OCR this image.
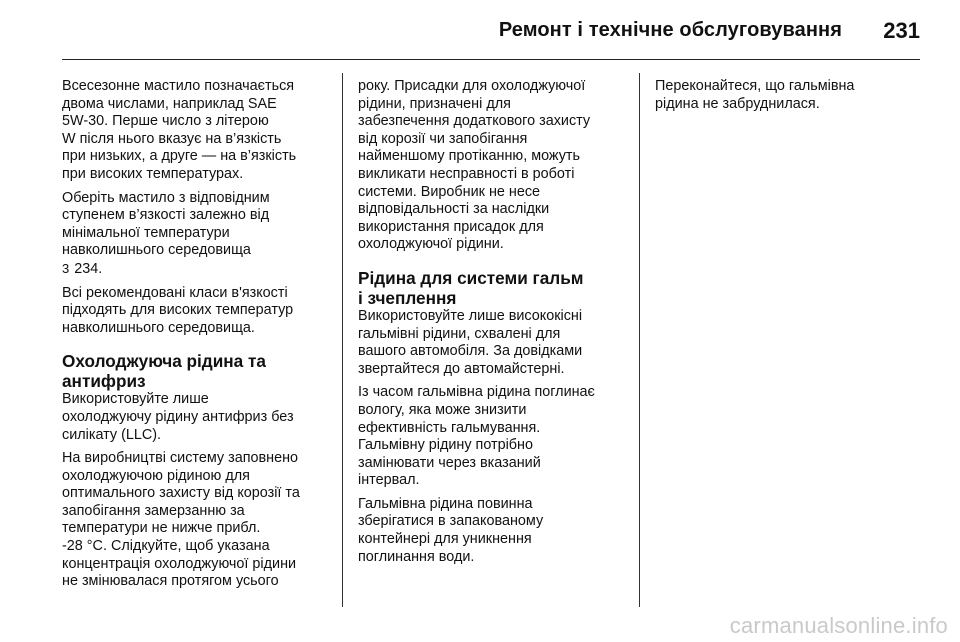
Ремонт і технічне обслуговування 231

Всесезонне мастило позначається
двома числами, наприклад SAE
5W-30. Перше число з літерою
W після нього вказує на в’язкість
при низьких, а друге — на в’язкість
при високих температурах.

Оберіть мастило з відповідним
ступенем в’язкості залежно від
мінімальної температури
навколишнього середовища
3 234.

Всі рекомендовані класи в'язкості
підходять для високих температур
навколишнього середовища.

Охолоджуюча рідина та
антифриз

Використовуйте лише
охолоджуючу рідину антифриз без
силікату (LLC).

На виробництві систему заповнено
охолоджуючою рідиною для
оптимального захисту від корозії та
запобігання замерзанню за
температури не нижче прибл.
-28 °C. Слідкуйте, щоб указана
концентрація охолоджуючої рідини
не змінювалася протягом усього

року. Присадки для охолоджуючої
рідини, призначені для
забезпечення додаткового захисту
від корозії чи запобігання
найменшому протіканню, можуть
викликати несправності в роботі
системи. Виробник не несе
відповідальності за наслідки
використання присадок для
охолоджуючої рідини.

Рідина для системи гальм
і зчеплення

Використовуйте лише висококісні
гальмівні рідини, схвалені для
вашого автомобіля. За довідками
звертайтеся до автомайстерні.

Із часом гальмівна рідина поглинає
вологу, яка може знизити
ефективність гальмування.
Гальмівну рідину потрібно
замінювати через вказаний
інтервал.

Гальмівна рідина повинна
зберігатися в запакованому
контейнері для уникнення
поглинання води.

Переконайтеся, що гальмівна
рідина не забруднилася.

carmanualsonline.info
